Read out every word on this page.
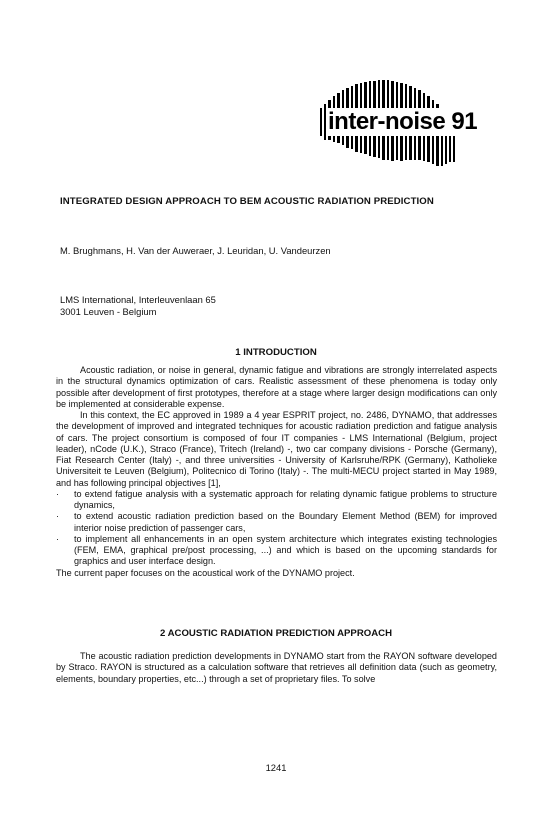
inter-noise 91
INTEGRATED DESIGN APPROACH TO BEM ACOUSTIC RADIATION PREDICTION
M. Brughmans, H. Van der Auweraer, J. Leuridan, U. Vandeurzen
LMS International, Interleuvenlaan 65
3001 Leuven - Belgium
1 INTRODUCTION

Acoustic radiation, or noise in general, dynamic fatigue and vibrations are strongly interrelated aspects in the structural dynamics optimization of cars. Realistic assessment of these phenomena is today only possible after development of first prototypes, therefore at a stage where larger design modifications can only be implemented at considerable expense.

In this context, the EC approved in 1989 a 4 year ESPRIT project, no. 2486, DYNAMO, that addresses the development of improved and integrated techniques for acoustic radiation prediction and fatigue analysis of cars. The project consortium is composed of four IT companies - LMS International (Belgium, project leader), nCode (U.K.), Straco (France), Tritech (Ireland) -, two car company divisions - Porsche (Germany), Fiat Research Center (Italy) -, and three universities - University of Karlsruhe/RPK (Germany), Katholieke Universiteit te Leuven (Belgium), Politecnico di Torino (Italy) -. The multi-MECU project started in May 1989, and has following principal objectives [1],

· to extend fatigue analysis with a systematic approach for relating dynamic fatigue problems to structure dynamics,

· to extend acoustic radiation prediction based on the Boundary Element Method (BEM) for improved interior noise prediction of passenger cars,

· to implement all enhancements in an open system architecture which integrates existing technologies (FEM, EMA, graphical pre/post processing, ...) and which is based on the upcoming standards for graphics and user interface design.

The current paper focuses on the acoustical work of the DYNAMO project.

2 ACOUSTIC RADIATION PREDICTION APPROACH

The acoustic radiation prediction developments in DYNAMO start from the RAYON software developed by Straco. RAYON is structured as a calculation software that retrieves all definition data (such as geometry, elements, boundary properties, etc...) through a set of proprietary files. To solve

1241
